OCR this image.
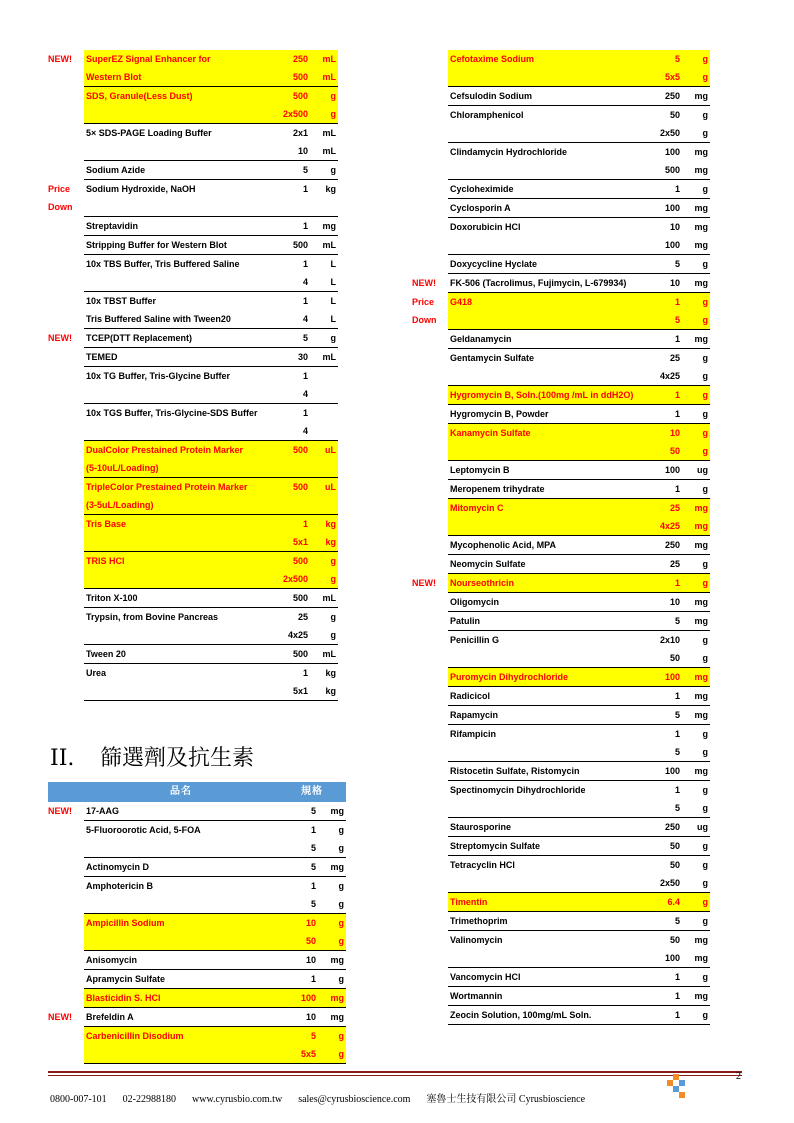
NEW!	SuperEZ Signal Enhancer for	250	mL
	Western Blot	500	mL
	SDS, Granule(Less Dust)	500	g
		2x500	g
	5× SDS-PAGE Loading Buffer	2x1	mL
		10	mL
	Sodium Azide	5	g
Price	Sodium Hydroxide, NaOH	1	kg
Down			
	Streptavidin	1	mg
	Stripping Buffer for Western Blot	500	mL
	10x TBS Buffer, Tris Buffered Saline	1	L
		4	L
	10x TBST Buffer	1	L
	Tris Buffered Saline with Tween20	4	L
NEW!	TCEP(DTT Replacement)	5	g
	TEMED	30	mL
	10x TG Buffer, Tris-Glycine Buffer	1	
		4	
	10x TGS Buffer, Tris-Glycine-SDS Buffer	1	
		4	
	DualColor Prestained Protein Marker	500	uL
	(5-10uL/Loading)		
	TripleColor Prestained Protein Marker	500	uL
	(3-5uL/Loading)		
	Tris Base	1	kg
		5x1	kg
	TRIS HCl	500	g
		2x500	g
	Triton X-100	500	mL
	Trypsin, from Bovine Pancreas	25	g
		4x25	g
	Tween 20	500	mL
	Urea	1	kg
		5x1	kg
II. 篩選劑及抗生素
	品名	規格	
NEW!	17-AAG	5	mg
	5-Fluoroorotic Acid, 5-FOA	1	g
		5	g
	Actinomycin D	5	mg
	Amphotericin B	1	g
		5	g
	Ampicillin Sodium	10	g
		50	g
	Anisomycin	10	mg
	Apramycin Sulfate	1	g
	Blasticidin S. HCl	100	mg
NEW!	Brefeldin A	10	mg
	Carbenicillin Disodium	5	g
		5x5	g
	Cefotaxime Sodium	5	g
		5x5	g
	Cefsulodin Sodium	250	mg
	Chloramphenicol	50	g
		2x50	g
	Clindamycin Hydrochloride	100	mg
		500	mg
	Cycloheximide	1	g
	Cyclosporin A	100	mg
	Doxorubicin HCl	10	mg
		100	mg
	Doxycycline Hyclate	5	g
NEW!	FK-506 (Tacrolimus, Fujimycin, L-679934)	10	mg
Price	G418	1	g
Down		5	g
	Geldanamycin	1	mg
	Gentamycin Sulfate	25	g
		4x25	g
	Hygromycin B, Soln.(100mg /mL in ddH2O)	1	g
	Hygromycin B, Powder	1	g
	Kanamycin Sulfate	10	g
		50	g
	Leptomycin B	100	ug
	Meropenem trihydrate	1	g
	Mitomycin C	25	mg
		4x25	mg
	Mycophenolic Acid, MPA	250	mg
	Neomycin Sulfate	25	g
NEW!	Nourseothricin	1	g
	Oligomycin	10	mg
	Patulin	5	mg
	Penicillin G	2x10	g
		50	g
	Puromycin Dihydrochloride	100	mg
	Radicicol	1	mg
	Rapamycin	5	mg
	Rifampicin	1	g
		5	g
	Ristocetin Sulfate, Ristomycin	100	mg
	Spectinomycin Dihydrochloride	1	g
		5	g
	Staurosporine	250	ug
	Streptomycin Sulfate	50	g
	Tetracyclin HCl	50	g
		2x50	g
	Timentin	6.4	g
	Trimethoprim	5	g
	Valinomycin	50	mg
		100	mg
	Vancomycin HCl	1	g
	Wortmannin	1	mg
	Zeocin Solution, 100mg/mL Soln.	1	g
2
0800-007-101 02-22988180 www.cyrusbio.com.tw sales@cyrusbioscience.com 塞魯士生技有限公司 Cyrusbioscience
